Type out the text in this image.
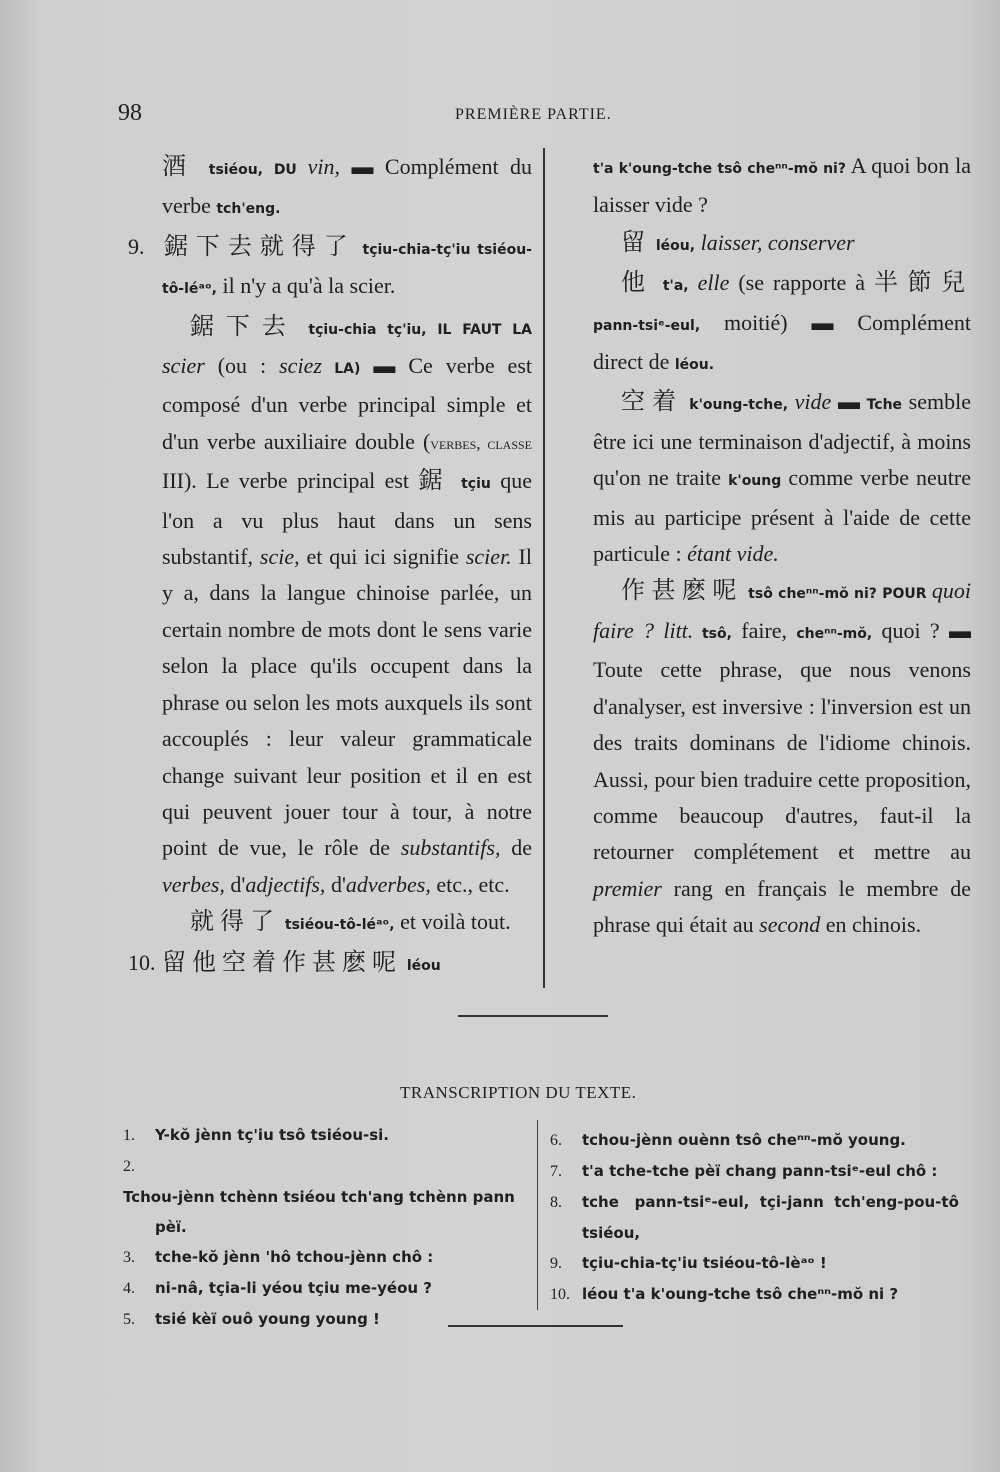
98	PREMIÈRE PARTIE.

酒 tsiéou, DU vin, ▬ Complément du verbe tch'eng.

9.鋸下去就得了 tçiu-chia-tç'iu tsiéou-tô-léᵃᵒ, il n'y a qu'à la scier.

鋸下去 tçiu-chia tç'iu, IL FAUT LA scier (ou : sciez LA) ▬ Ce verbe est composé d'un verbe principal simple et d'un verbe auxiliaire double (verbes, classe III). Le verbe principal est 鋸 tçiu que l'on a vu plus haut dans un sens substantif, scie, et qui ici signifie scier. Il y a, dans la langue chinoise parlée, un certain nombre de mots dont le sens varie selon la place qu'ils occupent dans la phrase ou selon les mots auxquels ils sont accouplés : leur valeur grammaticale change suivant leur position et il en est qui peuvent jouer tour à tour, à notre point de vue, le rôle de substantifs, de verbes, d'adjectifs, d'adverbes, etc., etc.

就得了 tsiéou-tô-léᵃᵒ, et voilà tout.

10.留他空着作甚麽呢 léou

t'a k'oung-tche tsô cheⁿⁿ-mŏ ni? A quoi bon la laisser vide ?

留 léou, laisser, conserver

他 t'a, elle (se rapporte à 半節兒 pann-tsiᵉ-eul, moitié) ▬ Complément direct de léou.

空着 k'oung-tche, vide ▬ Tche semble être ici une terminaison d'adjectif, à moins qu'on ne traite k'oung comme verbe neutre mis au participe présent à l'aide de cette particule : étant vide.

作甚麽呢 tsô cheⁿⁿ-mŏ ni? POUR quoi faire ? litt. tsô, faire, cheⁿⁿ-mŏ, quoi ? ▬ Toute cette phrase, que nous venons d'analyser, est inversive : l'inversion est un des traits dominans de l'idiome chinois. Aussi, pour bien traduire cette proposition, comme beaucoup d'autres, faut-il la retourner complétement et mettre au premier rang en français le membre de phrase qui était au second en chinois.

TRANSCRIPTION DU TEXTE.
1. Y-kŏ jènn tç'iu tsô tsiéou-si.
2.Tchou-jènn tchènn tsiéou tch'ang tchènn pann
pèï.
3. tche-kŏ jènn 'hô tchou-jènn chô :
4. ni-nâ, tçia-li yéou tçiu me-yéou ?
5. tsié kèï ouô young young !
6. tchou-jènn ouènn tsô cheⁿⁿ-mŏ young.
7. t'a tche-tche pèï chang pann-tsiᵉ-eul chô :
8. tche   pann-tsiᵉ-eul,  tçi-jann  tch'eng-pou-tô
tsiéou,
9. tçiu-chia-tç'iu tsiéou-tô-lèᵃᵒ !
10. léou t'a k'oung-tche tsô cheⁿⁿ-mŏ ni ?
